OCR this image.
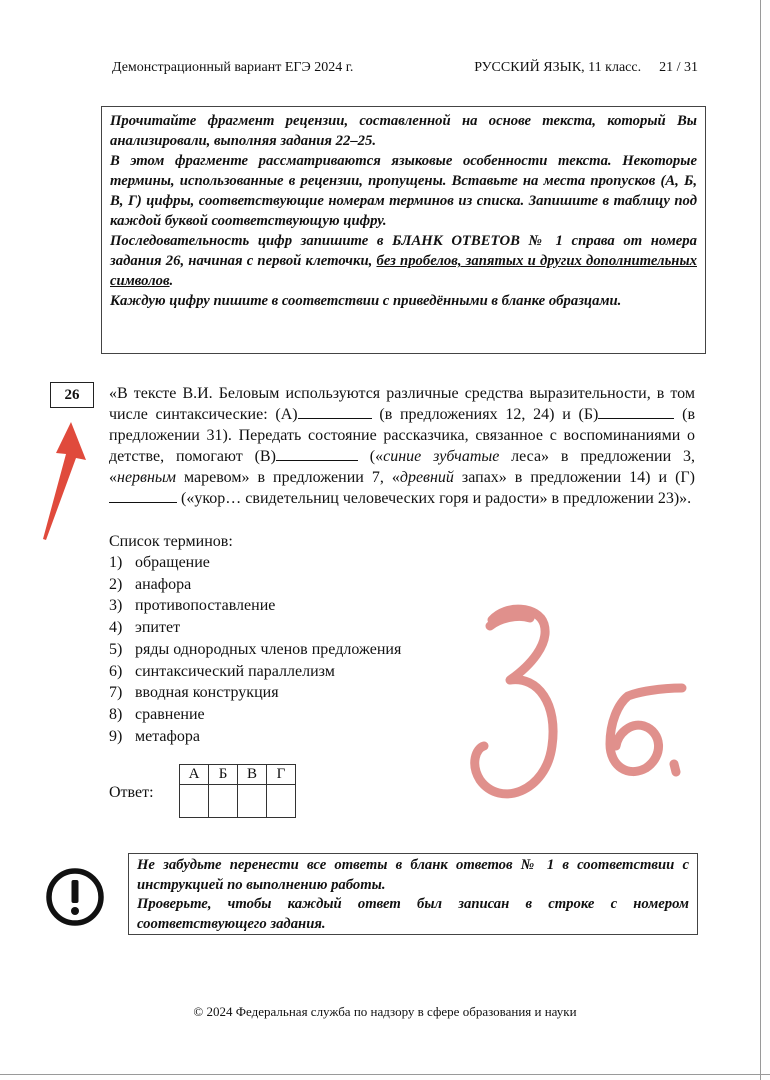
Демонстрационный вариант ЕГЭ 2024 г.	РУССКИЙ ЯЗЫК, 11 класс. 21 / 31

Прочитайте фрагмент рецензии, составленной на основе текста, который Вы анализировали, выполняя задания 22–25.

В этом фрагменте рассматриваются языковые особенности текста. Некоторые термины, использованные в рецензии, пропущены. Вставьте на места пропусков (А, Б, В, Г) цифры, соответствующие номерам терминов из списка. Запишите в таблицу под каждой буквой соответствующую цифру.

Последовательность цифр запишите в БЛАНК ОТВЕТОВ № 1 справа от номера задания 26, начиная с первой клеточки, без пробелов, запятых и других дополнительных символов.

Каждую цифру пишите в соответствии с приведёнными в бланке образцами.

26	«В тексте В.И. Беловым используются различные средства выразительности, в том числе синтаксические: (А)	(в предложениях 12, 24) и (Б)	(в предложении 31). Передать состояние рассказчика, связанное с воспоминаниями о детстве, помогают (В)	(«синие зубчатые леса» в предложении 3, «нервным маревом» в предложении 7, «древний запах» в предложении 14) и (Г) («укор… свидетельниц человеческих горя и радости» в предложении 23)».
Список терминов:
1) обращение
2) анафора
3) противопоставление
4) эпитет
5) ряды однородных членов предложения
6) синтаксический параллелизм
7) вводная конструкция
8) сравнение
9) метафора
Ответ:
А	Б	В	Г

Не забудьте перенести все ответы в бланк ответов № 1 в соответствии с инструкцией по выполнению работы.

Проверьте, чтобы каждый ответ был записан в строке с номером соответствующего задания.

© 2024 Федеральная служба по надзору в сфере образования и науки
